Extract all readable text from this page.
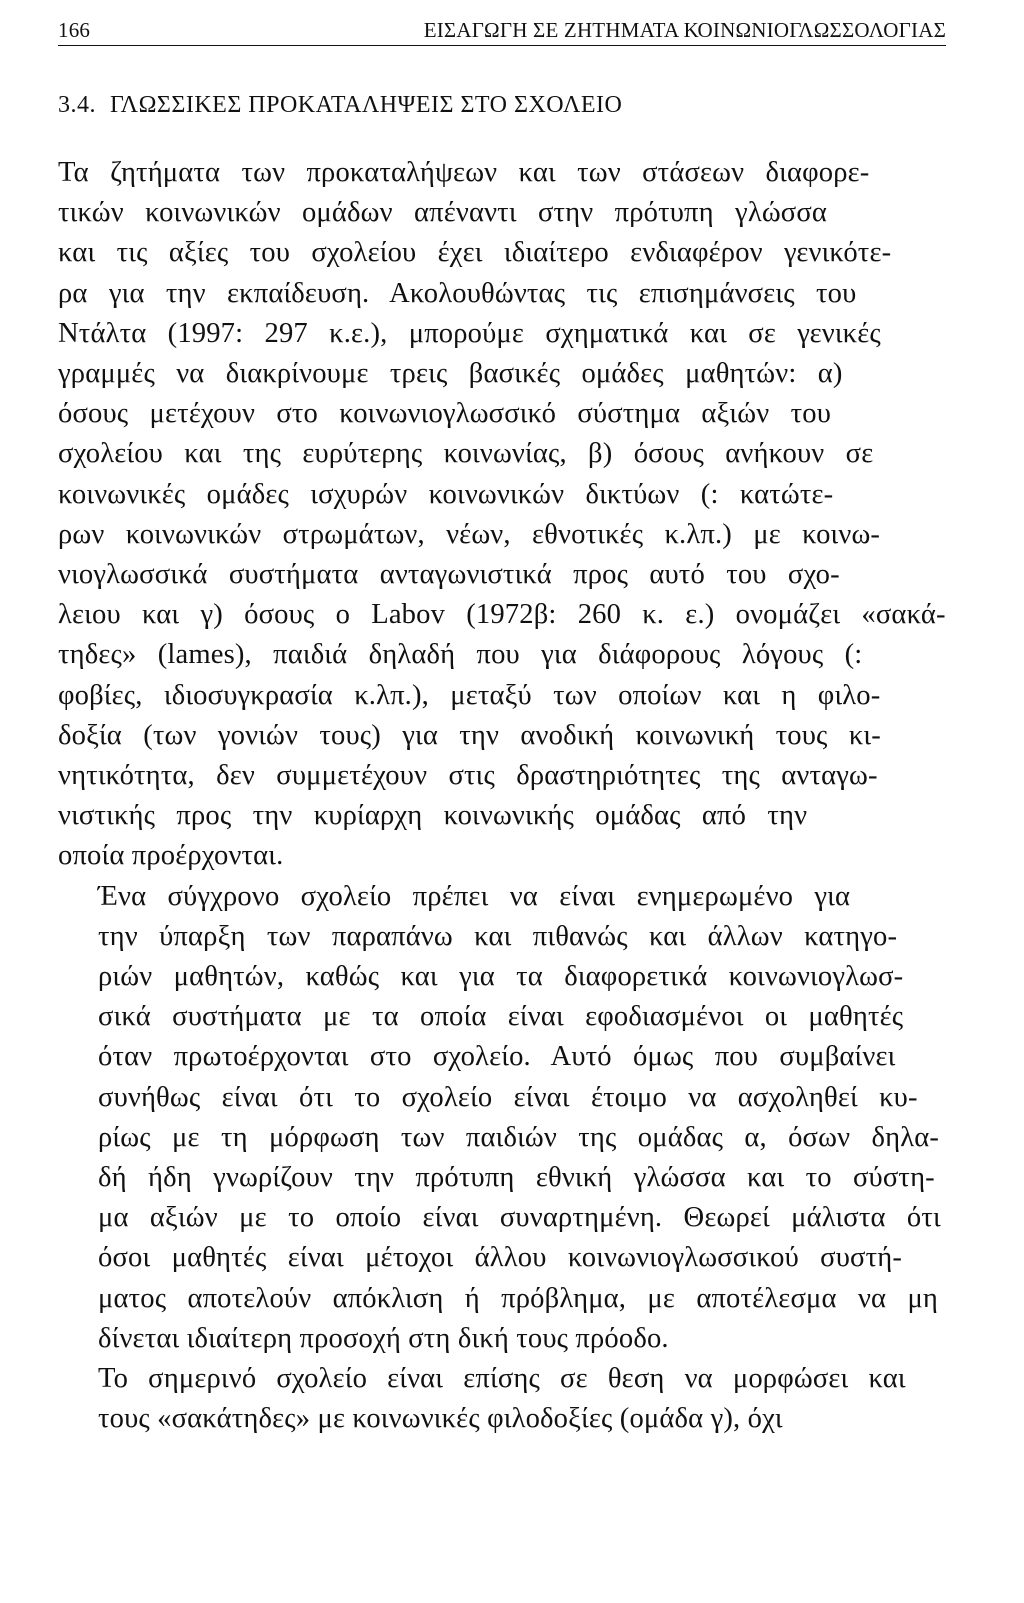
166	ΕΙΣΑΓΩΓΗ ΣΕ ΖΗΤΗΜΑΤΑ ΚΟΙΝΩΝΙΟΓΛΩΣΣΟΛΟΓΙΑΣ
3.4. ΓΛΩΣΣΙΚΕΣ ΠΡΟΚΑΤΑΛΗΨΕΙΣ ΣΤΟ ΣΧΟΛΕΙΟ

Τα ζητήματα των προκαταλήψεων και των στάσεων διαφορε-
τικών κοινωνικών ομάδων απέναντι στην πρότυπη γλώσσα
και τις αξίες του σχολείου έχει ιδιαίτερο ενδιαφέρον γενικότε-
ρα για την εκπαίδευση. Ακολουθώντας τις επισημάνσεις του
Ντάλτα (1997: 297 κ.ε.), μπορούμε σχηματικά και σε γενικές
γραμμές να διακρίνουμε τρεις βασικές ομάδες μαθητών: α)
όσους μετέχουν στο κοινωνιογλωσσικό σύστημα αξιών του
σχολείου και της ευρύτερης κοινωνίας, β) όσους ανήκουν σε
κοινωνικές ομάδες ισχυρών κοινωνικών δικτύων (: κατώτε-
ρων κοινωνικών στρωμάτων, νέων, εθνοτικές κ.λπ.) με κοινω-
νιογλωσσικά συστήματα ανταγωνιστικά προς αυτό του σχο-
λειου και γ) όσους ο Labov (1972β: 260 κ. ε.) ονομάζει «σακά-
τηδες» (lames), παιδιά δηλαδή που για διάφορους λόγους (:
φοβίες, ιδιοσυγκρασία κ.λπ.), μεταξύ των οποίων και η φιλο-
δοξία (των γονιών τους) για την ανοδική κοινωνική τους κι-
νητικότητα, δεν συμμετέχουν στις δραστηριότητες της ανταγω-
νιστικής προς την κυρίαρχη κοινωνικής ομάδας από την
οποία προέρχονται.

Ένα σύγχρονο σχολείο πρέπει να είναι ενημερωμένο για
την ύπαρξη των παραπάνω και πιθανώς και άλλων κατηγο-
ριών μαθητών, καθώς και για τα διαφορετικά κοινωνιογλωσ-
σικά συστήματα με τα οποία είναι εφοδιασμένοι οι μαθητές
όταν πρωτοέρχονται στο σχολείο. Αυτό όμως που συμβαίνει
συνήθως είναι ότι το σχολείο είναι έτοιμο να ασχοληθεί κυ-
ρίως με τη μόρφωση των παιδιών της ομάδας α, όσων δηλα-
δή ήδη γνωρίζουν την πρότυπη εθνική γλώσσα και το σύστη-
μα αξιών με το οποίο είναι συναρτημένη. Θεωρεί μάλιστα ότι
όσοι μαθητές είναι μέτοχοι άλλου κοινωνιογλωσσικού συστή-
ματος αποτελούν απόκλιση ή πρόβλημα, με αποτέλεσμα να μη
δίνεται ιδιαίτερη προσοχή στη δική τους πρόοδο.

Το σημερινό σχολείο είναι επίσης σε θεση να μορφώσει και
τους «σακάτηδες» με κοινωνικές φιλοδοξίες (ομάδα γ), όχι
